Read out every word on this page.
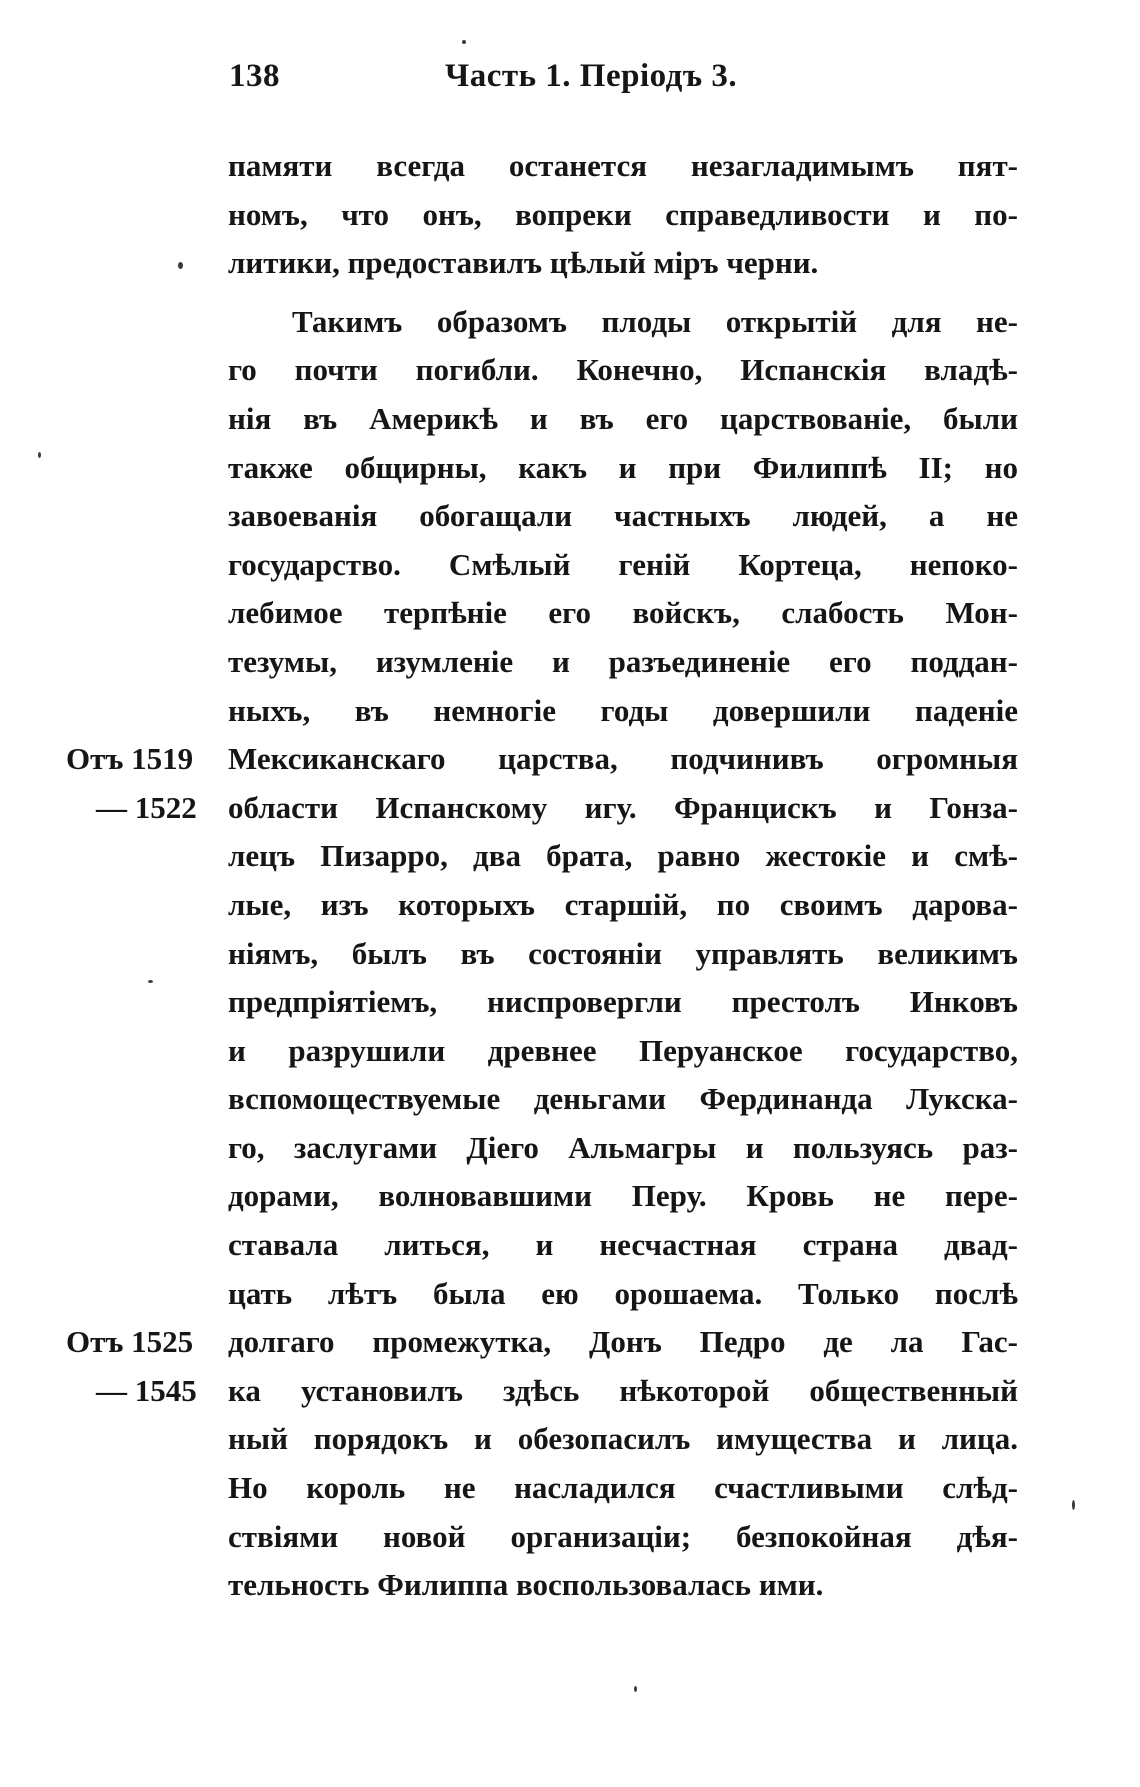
138	Часть 1. Періодъ 3.
Отъ 1519
— 1522
Отъ 1525
— 1545
памяти всегда останется незагладимымъ пят-
номъ, что онъ, вопреки справедливости и по-
литики, предоставилъ цѣлый міръ черни.
Такимъ образомъ плоды открытій для не-
го почти погибли. Конечно, Испанскія владѣ-
нія въ Америкѣ и въ его царствованіе, были
также общирны, какъ и при Филиппѣ II; но
завоеванія обогащали частныхъ людей, а не
государство. Смѣлый геній Кортеца, непоко-
лебимое терпѣніе его войскъ, слабость Мон-
тезумы, изумленіе и разъединеніе его поддан-
ныхъ, въ немногіе годы довершили паденіе
Мексиканскаго царства, подчинивъ огромныя
области Испанскому игу. Францискъ и Гонза-
лецъ Пизарро, два брата, равно жестокіе и смѣ-
лые, изъ которыхъ старшій, по своимъ дарова-
ніямъ, былъ въ состояніи управлять великимъ
предпріятіемъ, ниспровергли престолъ Инковъ
и разрушили древнее Перуанское государство,
вспомоществуемые деньгами Фердинанда Лукска-
го, заслугами Діего Альмагры и пользуясь раз-
дорами, волновавшими Перу. Кровь не пере-
ставала литься, и несчастная страна двад-
цать лѣтъ была ею орошаема. Только послѣ
долгаго промежутка, Донъ Педро де ла Гас-
ка установилъ здѣсь нѣкоторой общественный
ный порядокъ и обезопасилъ имущества и лица.
Но король не насладился счастливыми слѣд-
ствіями новой организаціи; безпокойная дѣя-
тельность Филиппа воспользовалась ими.
